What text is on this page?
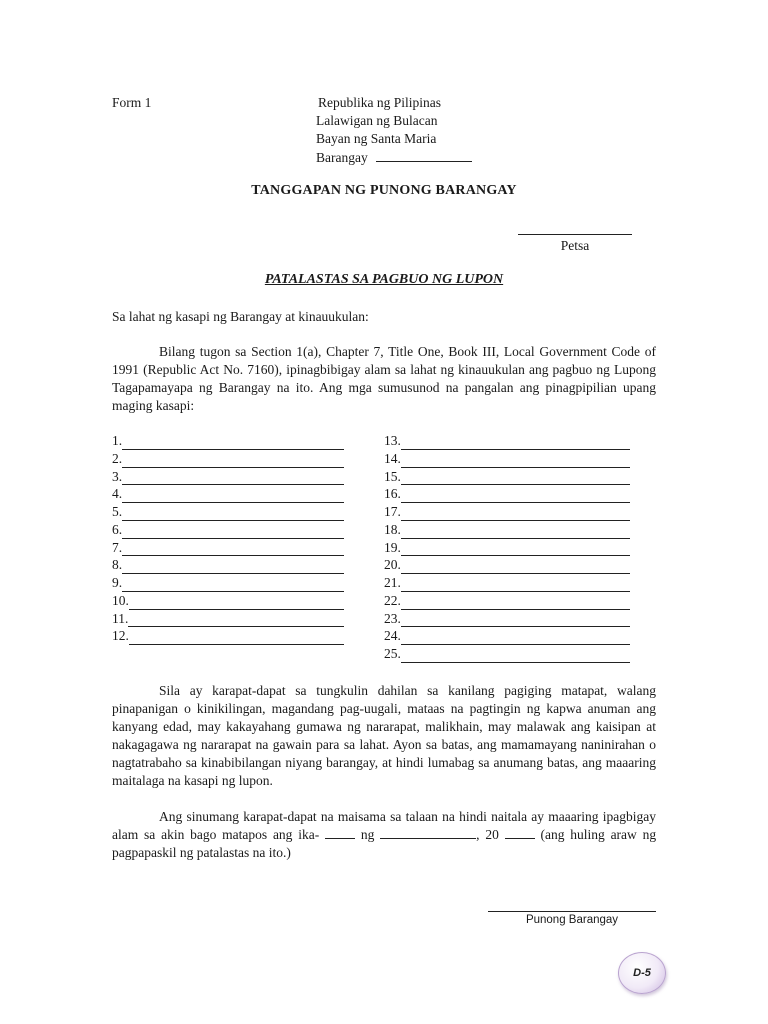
Form 1	Republika ng Pilipinas
Lalawigan ng Bulacan
Bayan ng Santa Maria
Barangay
TANGGAPAN NG PUNONG BARANGAY
Petsa
PATALASTAS SA PAGBUO NG LUPON
Sa lahat ng kasapi ng Barangay at kinauukulan:
Bilang tugon sa Section 1(a), Chapter 7, Title One, Book III, Local Government Code of 1991 (Republic Act No. 7160), ipinagbibigay alam sa lahat ng kinauukulan ang pagbuo ng Lupong Tagapamayapa ng Barangay na ito. Ang mga sumusunod na pangalan ang pinagpipilian upang maging kasapi:
1.
2.
3.
4.
5.
6.
7.
8.
9.
10.
11.
12.
13.
14.
15.
16.
17.
18.
19.
20.
21.
22.
23.
24.
25.
Sila ay karapat-dapat sa tungkulin dahilan sa kanilang pagiging matapat, walang pinapanigan o kinikilingan, magandang pag-uugali, mataas na pagtingin ng kapwa anuman ang kanyang edad, may kakayahang gumawa ng nararapat, malikhain, may malawak ang kaisipan at nakagagawa ng nararapat na gawain para sa lahat. Ayon sa batas, ang mamamayang naninirahan o nagtatrabaho sa kinabibilangan niyang barangay, at hindi lumabag sa anumang batas, ang maaaring maitalaga na kasapi ng lupon.
Ang sinumang karapat-dapat na maisama sa talaan na hindi naitala ay maaaring ipagbigay alam sa akin bago matapos ang ika-	ng	, 20	(ang huling araw ng pagpapaskil ng patalastas na ito.)
Punong Barangay
D-5
